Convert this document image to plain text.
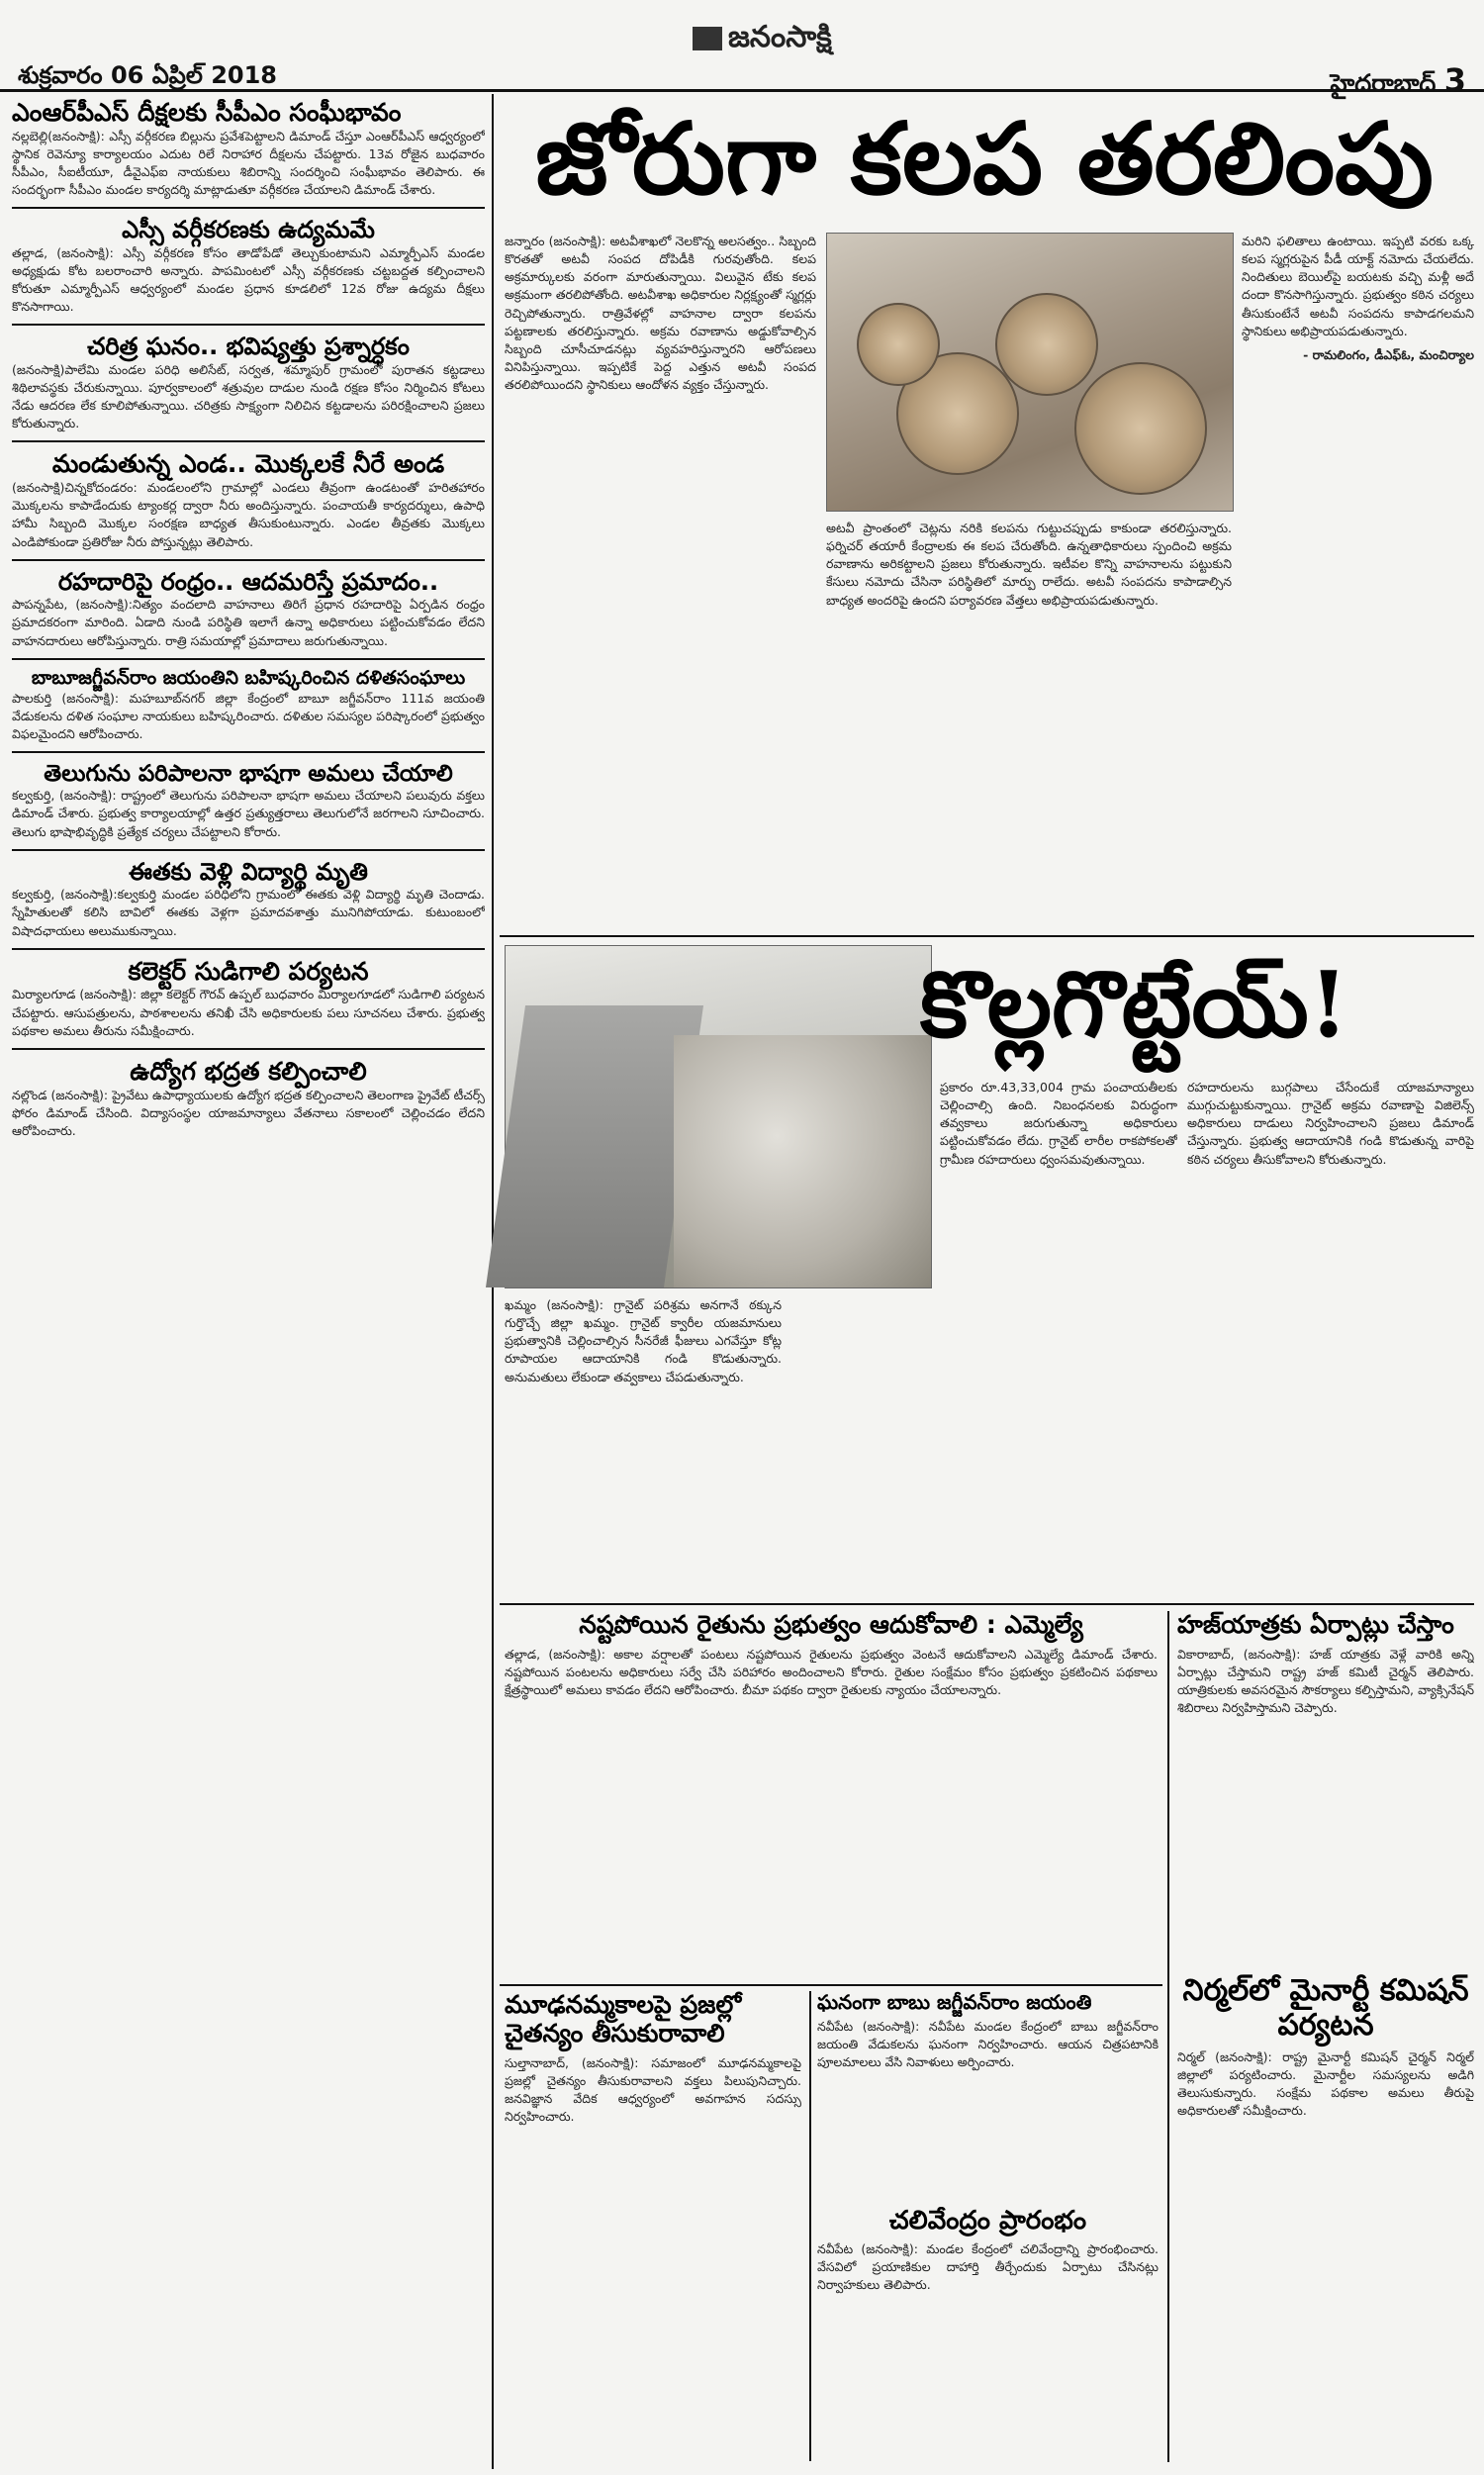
శుక్రవారం 06 ఏప్రిల్ 2018
జనంసాక్షి
హైదరాబాద్ 3
ఎంఆర్‌పీఎస్ దీక్షలకు సీపీఎం సంఘీభావం
నల్లబెల్లి(జనంసాక్షి): ఎస్సీ వర్గీకరణ బిల్లును ప్రవేశపెట్టాలని డిమాండ్ చేస్తూ ఎంఆర్‌పీఎస్ ఆధ్వర్యంలో స్థానిక రెవెన్యూ కార్యాలయం ఎదుట రిలే నిరాహార దీక్షలను చేపట్టారు. 13వ రోజైన బుధవారం సీపీఎం, సీఐటీయూ, డీవైఎఫ్ఐ నాయకులు శిబిరాన్ని సందర్శించి సంఘీభావం తెలిపారు. ఈ సందర్భంగా సీపీఎం మండల కార్యదర్శి మాట్లాడుతూ వర్గీకరణ చేయాలని డిమాండ్ చేశారు.
ఎస్సీ వర్గీకరణకు ఉద్యమమే
తల్లాడ, (జనంసాక్షి): ఎస్సీ వర్గీకరణ కోసం తాడోపేడో తెల్చుకుంటామని ఎమ్మార్పీఎస్ మండల అధ్యక్షుడు కోట బలరాంచారి అన్నారు. పాపమింటలో ఎస్సీ వర్గీకరణకు చట్టబద్దత కల్పించాలని కోరుతూ ఎమ్మార్పీఎస్ ఆధ్వర్యంలో మండల ప్రధాన కూడలిలో 12వ రోజు ఉద్యమ దీక్షలు కొనసాగాయి.
చరిత్ర ఘనం.. భవిష్యత్తు ప్రశ్నార్ధకం
(జనంసాక్షి)పాలేమి మండల పరిధి అలిసేట్, సర్వత, శమ్మాపుర్ గ్రామంలో పురాతన కట్టడాలు శిథిలావస్థకు చేరుకున్నాయి. పూర్వకాలంలో శత్రువుల దాడుల నుండి రక్షణ కోసం నిర్మించిన కోటలు నేడు ఆదరణ లేక కూలిపోతున్నాయి. చరిత్రకు సాక్ష్యంగా నిలిచిన కట్టడాలను పరిరక్షించాలని ప్రజలు కోరుతున్నారు.
మండుతున్న ఎండ.. మొక్కలకే నీరే అండ
(జనంసాక్షి)చిన్నకోదండరం: మండలంలోని గ్రామాల్లో ఎండలు తీవ్రంగా ఉండటంతో హరితహారం మొక్కలను కాపాడేందుకు ట్యాంకర్ల ద్వారా నీరు అందిస్తున్నారు. పంచాయతీ కార్యదర్శులు, ఉపాధి హామీ సిబ్బంది మొక్కల సంరక్షణ బాధ్యత తీసుకుంటున్నారు. ఎండల తీవ్రతకు మొక్కలు ఎండిపోకుండా ప్రతిరోజు నీరు పోస్తున్నట్లు తెలిపారు.
రహదారిపై రంధ్రం.. ఆదమరిస్తే ప్రమాదం..
పాపన్నపేట, (జనంసాక్షి):నిత్యం వందలాది వాహనాలు తిరిగే ప్రధాన రహదారిపై ఏర్పడిన రంధ్రం ప్రమాదకరంగా మారింది. ఏడాది నుండి పరిస్థితి ఇలాగే ఉన్నా అధికారులు పట్టించుకోవడం లేదని వాహనదారులు ఆరోపిస్తున్నారు. రాత్రి సమయాల్లో ప్రమాదాలు జరుగుతున్నాయి.
బాబూజగ్జీవన్‌రాం జయంతిని బహిష్కరించిన దళితసంఘాలు
పాలకుర్తి (జనంసాక్షి): మహబూబ్‌నగర్ జిల్లా కేంద్రంలో బాబూ జగ్జీవన్‌రాం 111వ జయంతి వేడుకలను దళిత సంఘాల నాయకులు బహిష్కరించారు. దళితుల సమస్యల పరిష్కారంలో ప్రభుత్వం విఫలమైందని ఆరోపించారు.
తెలుగును పరిపాలనా భాషగా అమలు చేయాలి
కల్వకుర్తి, (జనంసాక్షి): రాష్ట్రంలో తెలుగును పరిపాలనా భాషగా అమలు చేయాలని పలువురు వక్తలు డిమాండ్ చేశారు. ప్రభుత్వ కార్యాలయాల్లో ఉత్తర ప్రత్యుత్తరాలు తెలుగులోనే జరగాలని సూచించారు. తెలుగు భాషాభివృద్ధికి ప్రత్యేక చర్యలు చేపట్టాలని కోరారు.
ఈతకు వెళ్లి విద్యార్థి మృతి
కల్వకుర్తి, (జనంసాక్షి):కల్వకుర్తి మండల పరిధిలోని గ్రామంలో ఈతకు వెళ్లి విద్యార్థి మృతి చెందాడు. స్నేహితులతో కలిసి బావిలో ఈతకు వెళ్లగా ప్రమాదవశాత్తు మునిగిపోయాడు. కుటుంబంలో విషాదఛాయలు అలుముకున్నాయి.
కలెక్టర్ సుడిగాలి పర్యటన
మిర్యాలగూడ (జనంసాక్షి): జిల్లా కలెక్టర్ గౌరవ్ ఉప్పల్ బుధవారం మిర్యాలగూడలో సుడిగాలి పర్యటన చేపట్టారు. ఆసుపత్రులను, పాఠశాలలను తనిఖీ చేసి అధికారులకు పలు సూచనలు చేశారు. ప్రభుత్వ పథకాల అమలు తీరును సమీక్షించారు.
ఉద్యోగ భద్రత కల్పించాలి
నల్లొండ (జనంసాక్షి): ప్రైవేటు ఉపాధ్యాయులకు ఉద్యోగ భద్రత కల్పించాలని తెలంగాణ ప్రైవేట్ టీచర్స్ ఫోరం డిమాండ్ చేసింది. విద్యాసంస్థల యాజమాన్యాలు వేతనాలు సకాలంలో చెల్లించడం లేదని ఆరోపించారు.
జోరుగా కలప తరలింపు
జన్నారం (జనంసాక్షి): అటవీశాఖలో నెలకొన్న అలసత్వం.. సిబ్బంది కొరతతో అటవీ సంపద దోపిడీకి గురవుతోంది. కలప అక్రమార్కులకు వరంగా మారుతున్నాయి. విలువైన టేకు కలప అక్రమంగా తరలిపోతోంది. అటవీశాఖ అధికారుల నిర్లక్ష్యంతో స్మగ్లర్లు రెచ్చిపోతున్నారు. రాత్రివేళల్లో వాహనాల ద్వారా కలపను పట్టణాలకు తరలిస్తున్నారు. అక్రమ రవాణాను అడ్డుకోవాల్సిన సిబ్బంది చూసీచూడనట్లు వ్యవహరిస్తున్నారని ఆరోపణలు వినిపిస్తున్నాయి. ఇప్పటికే పెద్ద ఎత్తున అటవీ సంపద తరలిపోయిందని స్థానికులు ఆందోళన వ్యక్తం చేస్తున్నారు.
అటవీ ప్రాంతంలో చెట్లను నరికి కలపను గుట్టుచప్పుడు కాకుండా తరలిస్తున్నారు. ఫర్నిచర్ తయారీ కేంద్రాలకు ఈ కలప చేరుతోంది. ఉన్నతాధికారులు స్పందించి అక్రమ రవాణాను అరికట్టాలని ప్రజలు కోరుతున్నారు. ఇటీవల కొన్ని వాహనాలను పట్టుకుని కేసులు నమోదు చేసినా పరిస్థితిలో మార్పు రాలేదు. అటవీ సంపదను కాపాడాల్సిన బాధ్యత అందరిపై ఉందని పర్యావరణ వేత్తలు అభిప్రాయపడుతున్నారు.
మరిని ఫలితాలు ఉంటాయి. ఇప్పటి వరకు ఒక్క కలప స్మగ్లరుపైన పీడీ యాక్ట్ నమోదు చేయలేదు. నిందితులు బెయిల్‌పై బయటకు వచ్చి మళ్లీ అదే దందా కొనసాగిస్తున్నారు. ప్రభుత్వం కఠిన చర్యలు తీసుకుంటేనే అటవీ సంపదను కాపాడగలమని స్థానికులు అభిప్రాయపడుతున్నారు.
- రామలింగం, డీఎఫ్ఓ, మంచిర్యాల
కొల్లగొట్టేయ్!
ఖమ్మం (జనంసాక్షి): గ్రానైట్ పరిశ్రమ అనగానే ఠక్కున గుర్తొచ్చే జిల్లా ఖమ్మం. గ్రానైట్ క్వారీల యజమానులు ప్రభుత్వానికి చెల్లించాల్సిన సీనరేజీ ఫీజులు ఎగవేస్తూ కోట్ల రూపాయల ఆదాయానికి గండి కొడుతున్నారు. అనుమతులు లేకుండా తవ్వకాలు చేపడుతున్నారు.
ప్రకారం రూ.43,33,004 గ్రామ పంచాయతీలకు చెల్లించాల్సి ఉంది. నిబంధనలకు విరుద్ధంగా తవ్వకాలు జరుగుతున్నా అధికారులు పట్టించుకోవడం లేదు. గ్రానైట్ లారీల రాకపోకలతో గ్రామీణ రహదారులు ధ్వంసమవుతున్నాయి.
రహదారులను బుగ్గపాలు చేసేందుకే యాజమాన్యాలు ముగ్గుచుట్టుకున్నాయి. గ్రానైట్ అక్రమ రవాణాపై విజిలెన్స్ అధికారులు దాడులు నిర్వహించాలని ప్రజలు డిమాండ్ చేస్తున్నారు. ప్రభుత్వ ఆదాయానికి గండి కొడుతున్న వారిపై కఠిన చర్యలు తీసుకోవాలని కోరుతున్నారు.
నష్టపోయిన రైతును ప్రభుత్వం ఆదుకోవాలి : ఎమ్మెల్యే
తల్లాడ, (జనంసాక్షి): అకాల వర్షాలతో పంటలు నష్టపోయిన రైతులను ప్రభుత్వం వెంటనే ఆదుకోవాలని ఎమ్మెల్యే డిమాండ్ చేశారు. నష్టపోయిన పంటలను అధికారులు సర్వే చేసి పరిహారం అందించాలని కోరారు. రైతుల సంక్షేమం కోసం ప్రభుత్వం ప్రకటించిన పథకాలు క్షేత్రస్థాయిలో అమలు కావడం లేదని ఆరోపించారు. బీమా పథకం ద్వారా రైతులకు న్యాయం చేయాలన్నారు.
హజ్‌యాత్రకు ఏర్పాట్లు చేస్తాం
వికారాబాద్, (జనంసాక్షి): హజ్ యాత్రకు వెళ్లే వారికి అన్ని ఏర్పాట్లు చేస్తామని రాష్ట్ర హజ్ కమిటీ చైర్మన్ తెలిపారు. యాత్రికులకు అవసరమైన సౌకర్యాలు కల్పిస్తామని, వ్యాక్సినేషన్ శిబిరాలు నిర్వహిస్తామని చెప్పారు.
నిర్మల్‌లో మైనార్టీ కమిషన్ పర్యటన
నిర్మల్ (జనంసాక్షి): రాష్ట్ర మైనార్టీ కమిషన్ చైర్మన్ నిర్మల్ జిల్లాలో పర్యటించారు. మైనార్టీల సమస్యలను అడిగి తెలుసుకున్నారు. సంక్షేమ పథకాల అమలు తీరుపై అధికారులతో సమీక్షించారు.
మూఢనమ్మకాలపై ప్రజల్లో చైతన్యం తీసుకురావాలి
సుల్తానాబాద్, (జనంసాక్షి): సమాజంలో మూఢనమ్మకాలపై ప్రజల్లో చైతన్యం తీసుకురావాలని వక్తలు పిలుపునిచ్చారు. జనవిజ్ఞాన వేదిక ఆధ్వర్యంలో అవగాహన సదస్సు నిర్వహించారు.
ఘనంగా బాబు జగ్జీవన్‌రాం జయంతి
నవీపేట (జనంసాక్షి): నవీపేట మండల కేంద్రంలో బాబు జగ్జీవన్‌రాం జయంతి వేడుకలను ఘనంగా నిర్వహించారు. ఆయన చిత్రపటానికి పూలమాలలు వేసి నివాళులు అర్పించారు.
చలివేంద్రం ప్రారంభం
నవీపేట (జనంసాక్షి): మండల కేంద్రంలో చలివేంద్రాన్ని ప్రారంభించారు. వేసవిలో ప్రయాణికుల దాహార్తి తీర్చేందుకు ఏర్పాటు చేసినట్లు నిర్వాహకులు తెలిపారు.
